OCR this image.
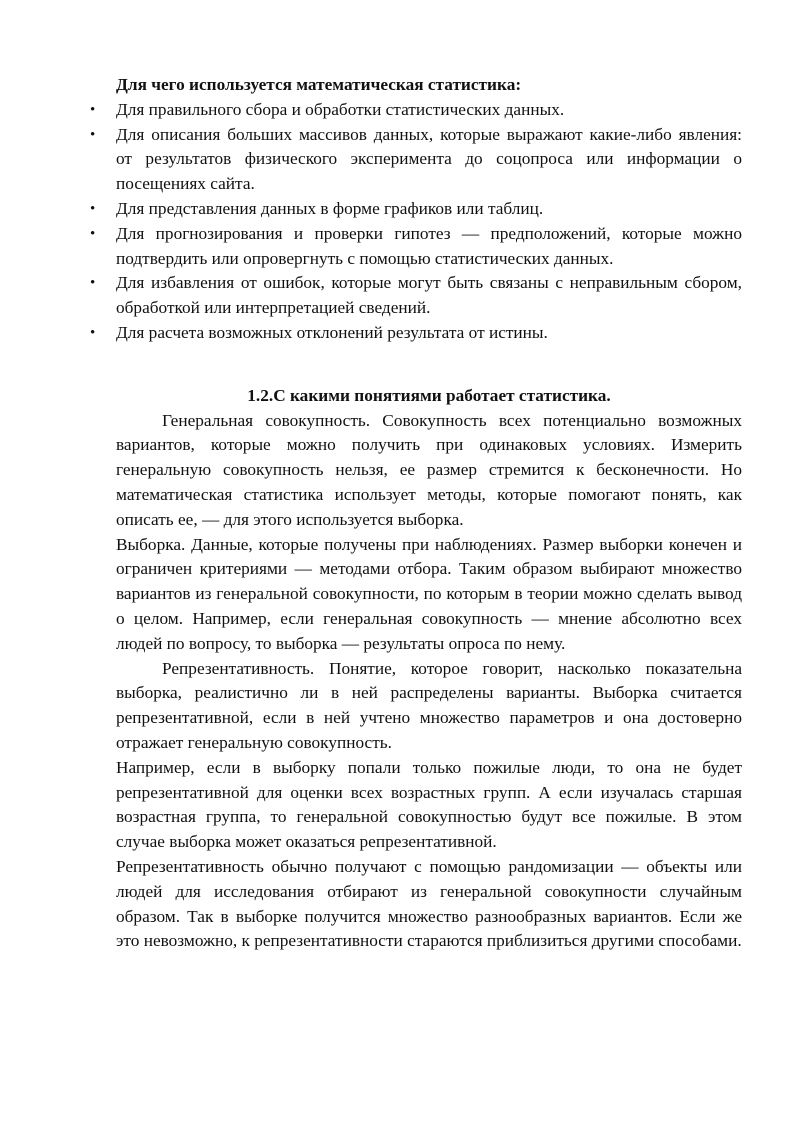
Для чего используется математическая статистика:

• Для правильного сбора и обработки статистических данных.
• Для описания больших массивов данных, которые выражают какие-либо явления: от результатов физического эксперимента до соцопроса или информации о посещениях сайта.
• Для представления данных в форме графиков или таблиц.
• Для прогнозирования и проверки гипотез — предположений, которые можно подтвердить или опровергнуть с помощью статистических данных.
• Для избавления от ошибок, которые могут быть связаны с неправильным сбором, обработкой или интерпретацией сведений.
• Для расчета возможных отклонений результата от истины.

1.2.С какими понятиями работает статистика.

Генеральная совокупность. Совокупность всех потенциально возможных вариантов, которые можно получить при одинаковых условиях. Измерить генеральную совокупность нельзя, ее размер стремится к бесконечности. Но математическая статистика использует методы, которые помогают понять, как описать ее, — для этого используется выборка.

Выборка. Данные, которые получены при наблюдениях. Размер выборки конечен и ограничен критериями — методами отбора. Таким образом выбирают множество вариантов из генеральной совокупности, по которым в теории можно сделать вывод о целом. Например, если генеральная совокупность — мнение абсолютно всех людей по вопросу, то выборка — результаты опроса по нему.

Репрезентативность. Понятие, которое говорит, насколько показательна выборка, реалистично ли в ней распределены варианты. Выборка считается репрезентативной, если в ней учтено множество параметров и она достоверно отражает генеральную совокупность.

Например, если в выборку попали только пожилые люди, то она не будет репрезентативной для оценки всех возрастных групп. А если изучалась старшая возрастная группа, то генеральной совокупностью будут все пожилые. В этом случае выборка может оказаться репрезентативной.

Репрезентативность обычно получают с помощью рандомизации — объекты или людей для исследования отбирают из генеральной совокупности случайным образом. Так в выборке получится множество разнообразных вариантов. Если же это невозможно, к репрезентативности стараются приблизиться другими способами.
